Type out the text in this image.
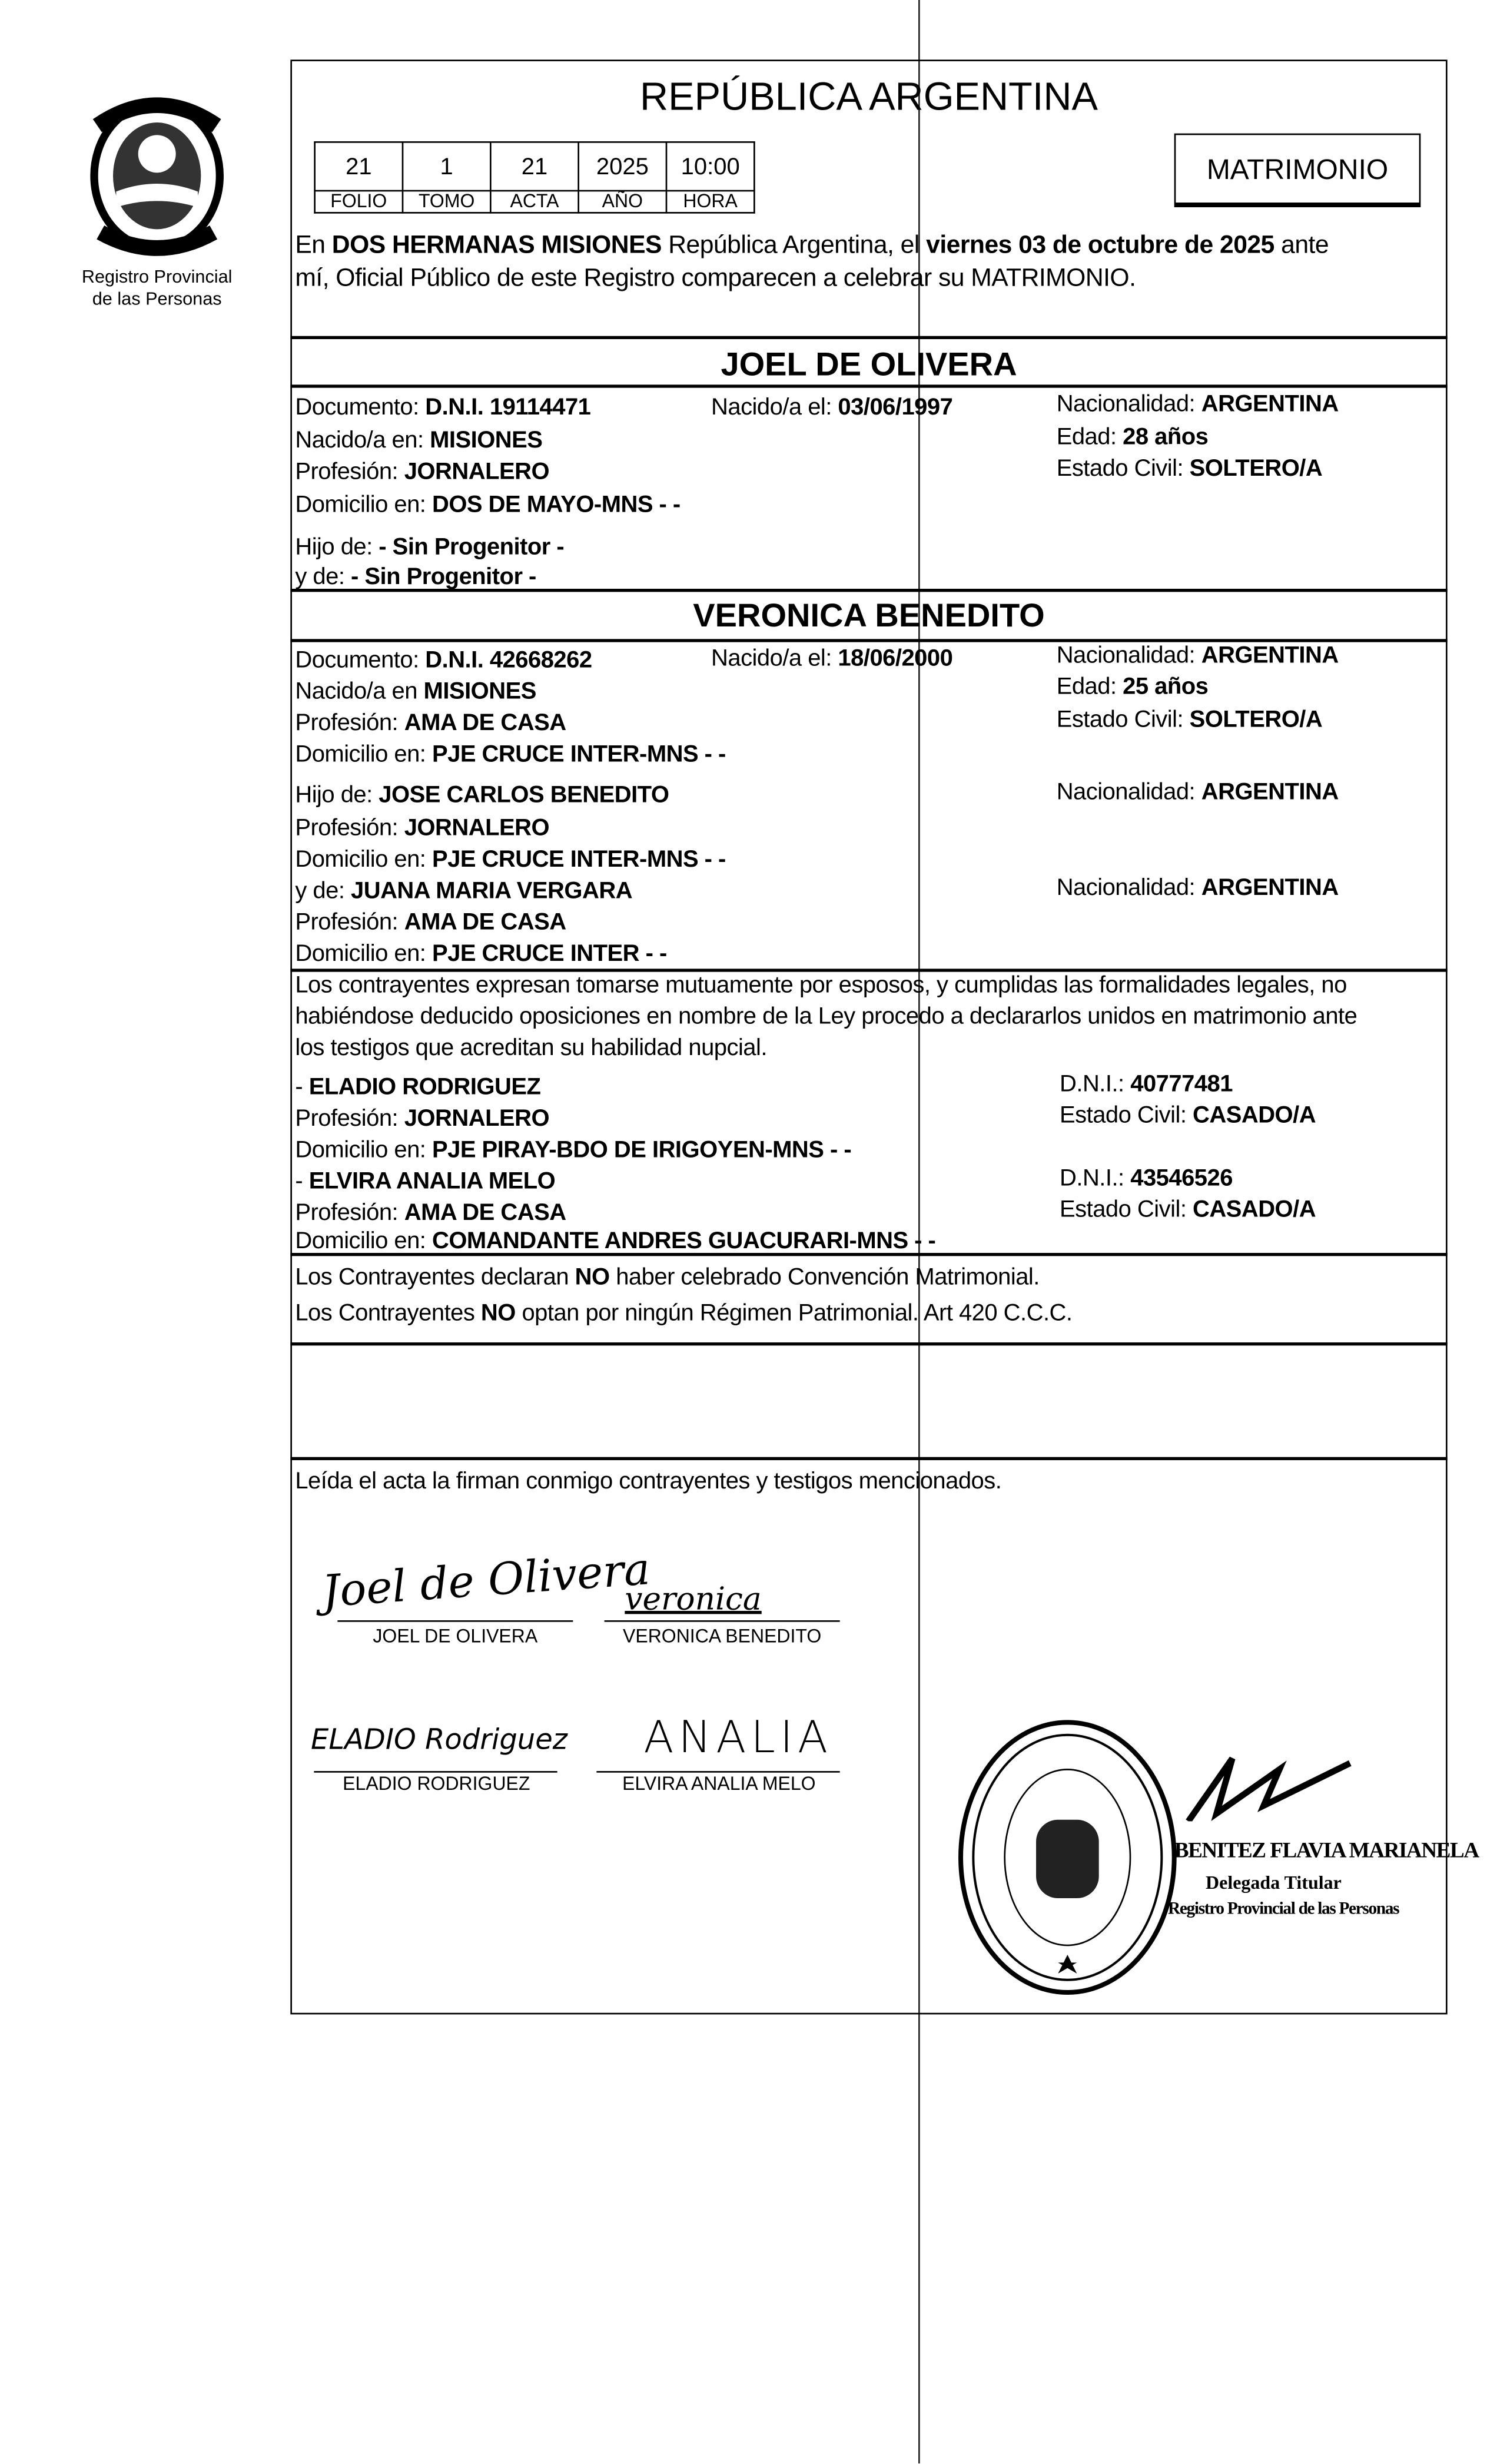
Registro Provincial
de las Personas
REPÚBLICA ARGENTINA
21	1	21	2025	10:00
FOLIO	TOMO	ACTA	AÑO	HORA
MATRIMONIO
En DOS HERMANAS MISIONES República Argentina, el viernes 03 de octubre de 2025 ante
mí, Oficial Público de este Registro comparecen a celebrar su MATRIMONIO.
JOEL DE OLIVERA
Documento: D.N.I. 19114471	Nacido/a el: 03/06/1997	Nacionalidad: ARGENTINA
Nacido/a en: MISIONES	Edad: 28 años
Profesión: JORNALERO	Estado Civil: SOLTERO/A
Domicilio en: DOS DE MAYO-MNS - -
Hijo de: - Sin Progenitor -
y de: - Sin Progenitor -
VERONICA BENEDITO
Documento: D.N.I. 42668262	Nacido/a el: 18/06/2000	Nacionalidad: ARGENTINA
Nacido/a en MISIONES	Edad: 25 años
Profesión: AMA DE CASA	Estado Civil: SOLTERO/A
Domicilio en: PJE CRUCE INTER-MNS - -
Hijo de: JOSE CARLOS BENEDITO	Nacionalidad: ARGENTINA
Profesión: JORNALERO
Domicilio en: PJE CRUCE INTER-MNS - -
y de: JUANA MARIA VERGARA	Nacionalidad: ARGENTINA
Profesión: AMA DE CASA
Domicilio en: PJE CRUCE INTER - -
Los contrayentes expresan tomarse mutuamente por esposos, y cumplidas las formalidades legales, no
habiéndose deducido oposiciones en nombre de la Ley procedo a declararlos unidos en matrimonio ante
los testigos que acreditan su habilidad nupcial.
- ELADIO RODRIGUEZ	D.N.I.: 40777481
Profesión: JORNALERO	Estado Civil: CASADO/A
Domicilio en: PJE PIRAY-BDO DE IRIGOYEN-MNS - -
- ELVIRA ANALIA MELO	D.N.I.: 43546526
Profesión: AMA DE CASA	Estado Civil: CASADO/A
Domicilio en: COMANDANTE ANDRES GUACURARI-MNS - -
Los Contrayentes declaran NO haber celebrado Convención Matrimonial.
Los Contrayentes NO optan por ningún Régimen Patrimonial. Art 420 C.C.C.
Leída el acta la firman conmigo contrayentes y testigos mencionados.
Joel de Olivera
veronica
JOEL DE OLIVERA	VERONICA BENEDITO
ELADIO Rodriguez	ANALIA
ELADIO RODRIGUEZ	ELVIRA ANALIA MELO
BENITEZ FLAVIA MARIANELA
Delegada Titular
Registro Provincial de las Personas
